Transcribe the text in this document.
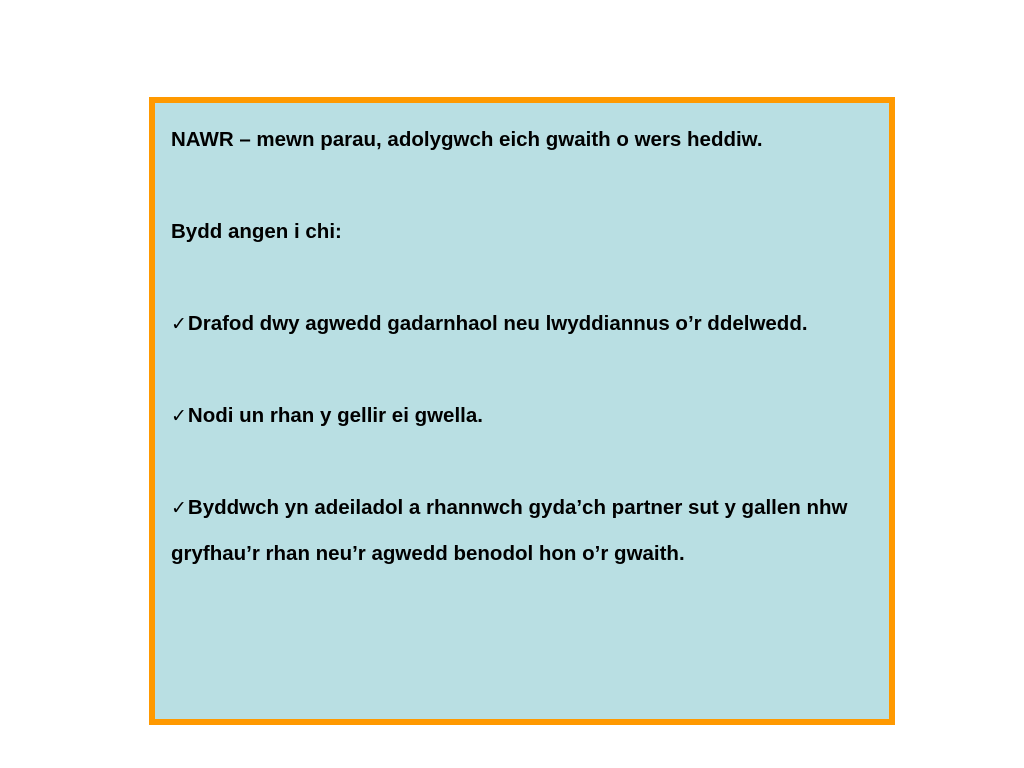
NAWR – mewn parau, adolygwch eich gwaith o wers heddiw.

Bydd angen i chi:

✓Drafod dwy agwedd gadarnhaol neu lwyddiannus o’r ddelwedd.

✓Nodi un rhan y gellir ei gwella.

✓Byddwch yn adeiladol a rhannwch gyda’ch partner sut y gallen nhw gryfhau’r rhan neu’r agwedd benodol hon o’r gwaith.
